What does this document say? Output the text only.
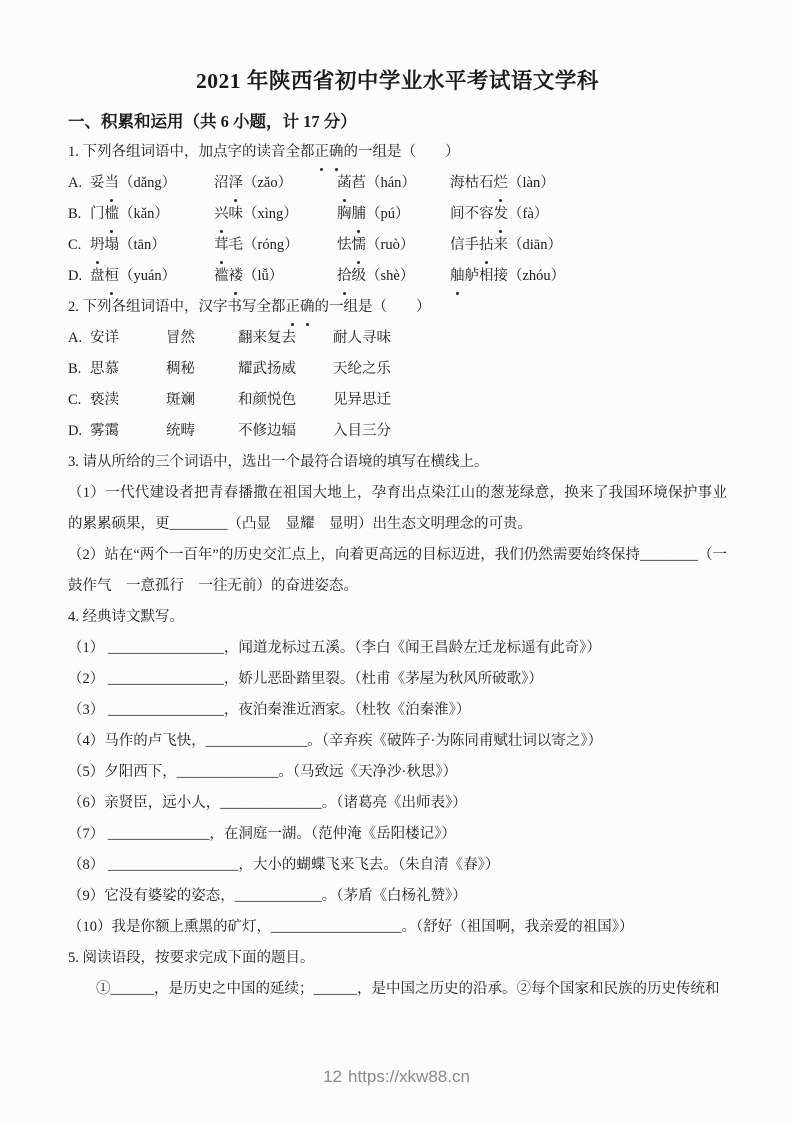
2021 年陕西省初中学业水平考试语文学科
一、积累和运用（共 6 小题，计 17 分）

1. 下列各组词语中，加点字的读音全都正确的一组是（　　）

A. 妥当（dǎng）	沼泽（zǎo）	菡萏（hán）	海枯石烂（làn）
B. 门槛（kǎn）	兴味（xìng）	胸脯（pú）	间不容发（fà）
C. 坍塌（tān）	茸毛（róng）	怯懦（ruò）	信手拈来（diān）
D. 盘桓（yuán）	褴褛（lǚ）	拾级（shè）	舳舻相接（zhóu）

2. 下列各组词语中，汉字书写全都正确的一组是（　　）

A. 安详	冒然	翻来复去	耐人寻味
B. 思慕	稠秘	耀武扬威	天纶之乐
C. 亵渎	斑斓	和颜悦色	见异思迁
D. 雾霭	统畴	不修边辐	入目三分

3. 请从所给的三个词语中，选出一个最符合语境的填写在横线上。

（1）一代代建设者把青春播撒在祖国大地上，孕育出点染江山的葱茏绿意，换来了我国环境保护事业的累累硕果，更________（凸显　显耀　显明）出生态文明理念的可贵。

（2）站在“两个一百年”的历史交汇点上，向着更高远的目标迈进，我们仍然需要始终保持________（一鼓作气　一意孤行　一往无前）的奋进姿态。

4. 经典诗文默写。

（1） ________________，闻道龙标过五溪。（李白《闻王昌龄左迁龙标遥有此奇》）

（2） ________________，娇儿恶卧踏里裂。（杜甫《茅屋为秋风所破歌》）

（3） ________________，夜泊秦淮近酒家。（杜牧《泊秦淮》）

（4）马作的卢飞快，______________。（辛弃疾《破阵子·为陈同甫赋壮词以寄之》）

（5）夕阳西下，______________。（马致远《天净沙·秋思》）

（6）亲贤臣，远小人，______________。（诸葛亮《出师表》）

（7） ______________，在洞庭一湖。（范仲淹《岳阳楼记》）

（8） __________________，大小的蝴蝶飞来飞去。（朱自清《春》）

（9）它没有婆娑的姿态，____________。（茅盾《白杨礼赞》）

（10）我是你额上熏黑的矿灯，__________________。（舒好（祖国啊，我亲爱的祖国》）

5. 阅读语段，按要求完成下面的题目。

①______，是历史之中国的延续；______，是中国之历史的沿承。②每个国家和民族的历史传统和

12 https://xkw88.cn
